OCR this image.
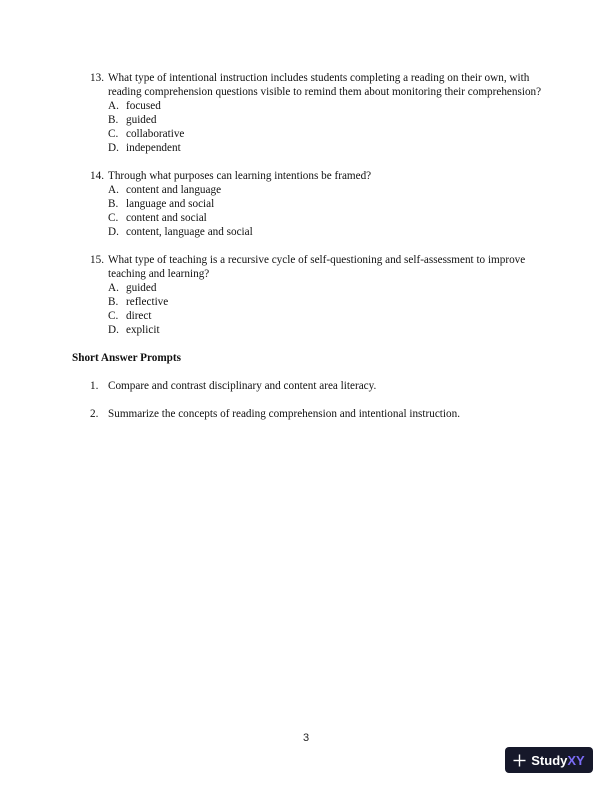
13. What type of intentional instruction includes students completing a reading on their own, with reading comprehension questions visible to remind them about monitoring their comprehension?
A. focused
B. guided
C. collaborative
D. independent
14. Through what purposes can learning intentions be framed?
A. content and language
B. language and social
C. content and social
D. content, language and social
15. What type of teaching is a recursive cycle of self-questioning and self-assessment to improve teaching and learning?
A. guided
B. reflective
C. direct
D. explicit
Short Answer Prompts
1. Compare and contrast disciplinary and content area literacy.
2. Summarize the concepts of reading comprehension and intentional instruction.
3
StudyXY
